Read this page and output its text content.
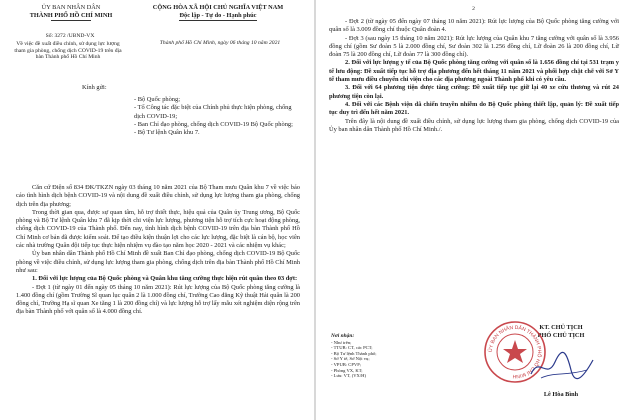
ỦY BAN NHÂN DÂN
THÀNH PHỐ HỒ CHÍ MINH
CỘNG HÒA XÃ HỘI CHỦ NGHĨA VIỆT NAM
Độc lập - Tự do - Hạnh phúc
Số: 3272 /UBND-VX
Về việc đề xuất điều chỉnh, sử dụng lực lượng tham gia phòng, chống dịch COVID-19 trên địa bàn Thành phố Hồ Chí Minh
Thành phố Hồ Chí Minh, ngày 06 tháng 10 năm 2021
Kính gửi:
- Bộ Quốc phòng;
- Tổ Công tác đặc biệt của Chính phủ thực hiện phòng, chống dịch COVID-19;
- Ban Chỉ đạo phòng, chống dịch COVID-19 Bộ Quốc phòng;
- Bộ Tư lệnh Quân khu 7.

Căn cứ Điện số 834 ĐK/TKZN ngày 03 tháng 10 năm 2021 của Bộ Tham mưu Quân khu 7 về việc báo cáo tình hình dịch bệnh COVID-19 và nội dung đề xuất điều chỉnh, sử dụng lực lượng tham gia phòng, chống dịch trên địa phương;

Trong thời gian qua, được sự quan tâm, hỗ trợ thiết thực, hiệu quả của Quân ủy Trung ương, Bộ Quốc phòng và Bộ Tư lệnh Quân khu 7 đã kịp thời chi viện lực lượng, phương tiện hỗ trợ tích cực hoạt động phòng, chống dịch COVID-19 của Thành phố. Đến nay, tình hình dịch bệnh COVID-19 trên địa bàn Thành phố Hồ Chí Minh cơ bản đã được kiểm soát. Để tạo điều kiện thuận lợi cho các lực lượng, đặc biệt là cán bộ, học viên các nhà trường Quân đội tiếp tục thực hiện nhiệm vụ đào tạo năm học 2020 - 2021 và các nhiệm vụ khác;

Ủy ban nhân dân Thành phố Hồ Chí Minh đề xuất Ban Chỉ đạo phòng, chống dịch COVID-19 Bộ Quốc phòng về việc điều chỉnh, sử dụng lực lượng tham gia phòng, chống dịch trên địa bàn Thành phố Hồ Chí Minh như sau:

1. Đối với lực lượng của Bộ Quốc phòng và Quân khu tăng cường thực hiện rút quân theo 03 đợt:

- Đợt 1 (từ ngày 01 đến ngày 05 tháng 10 năm 2021): Rút lực lượng của Bộ Quốc phòng tăng cường là 1.400 đồng chí (gồm Trường Sĩ quan lục quân 2 là 1.000 đồng chí, Trường Cao đẳng Kỹ thuật Hải quân là 200 đồng chí, Trường Hạ sĩ quan Xe tăng 1 là 200 đồng chí) và lực lượng hỗ trợ lấy mẫu xét nghiệm diện rộng trên địa bàn Thành phố với quân số là 4.000 đồng chí.

2

- Đợt 2 (từ ngày 05 đến ngày 07 tháng 10 năm 2021): Rút lực lượng của Bộ Quốc phòng tăng cường với quân số là 3.009 đồng chí thuộc Quân đoàn 4.

- Đợt 3 (sau ngày 15 tháng 10 năm 2021): Rút lực lượng của Quân khu 7 tăng cường với quân số là 3.956 đồng chí (gồm Sư đoàn 5 là 2.000 đồng chí, Sư đoàn 302 là 1.256 đồng chí, Lữ đoàn 26 là 200 đồng chí, Lữ đoàn 75 là 200 đồng chí, Lữ đoàn 77 là 300 đồng chí).

2. Đối với lực lượng y tế của Bộ Quốc phòng tăng cường với quân số là 1.656 đồng chí tại 531 trạm y tế lưu động: Đề xuất tiếp tục hỗ trợ địa phương đến hết tháng 11 năm 2021 và phối hợp chặt chẽ với Sở Y tế tham mưu điều chuyển chi viện cho các địa phương ngoài Thành phố khi có yêu cầu.

3. Đối với 64 phương tiện được tăng cường: Đề xuất tiếp tục giữ lại 40 xe cứu thương và rút 24 phương tiện còn lại.

4. Đối với các Bệnh viện dã chiến truyền nhiễm do Bộ Quốc phòng thiết lập, quản lý: Đề xuất tiếp tục duy trì đến hết năm 2021.

Trên đây là nội dung đề xuất điều chỉnh, sử dụng lực lượng tham gia phòng, chống dịch COVID-19 của Ủy ban nhân dân Thành phố Hồ Chí Minh./.

Nơi nhận:
- Như trên;
- TTUB: CT, các PCT;
- Bộ Tư lệnh Thành phố;
- Sở Y tế, Sở Nội vụ;
- VPUB: CPVP;
- Phòng VX, KT;
- Lưu: VT, (VX/H)
KT. CHỦ TỊCH
PHÓ CHỦ TỊCH
ỦY BAN NHÂN DÂN THÀNH PHỐ HỒ CHÍ MINH
Lê Hòa Bình
